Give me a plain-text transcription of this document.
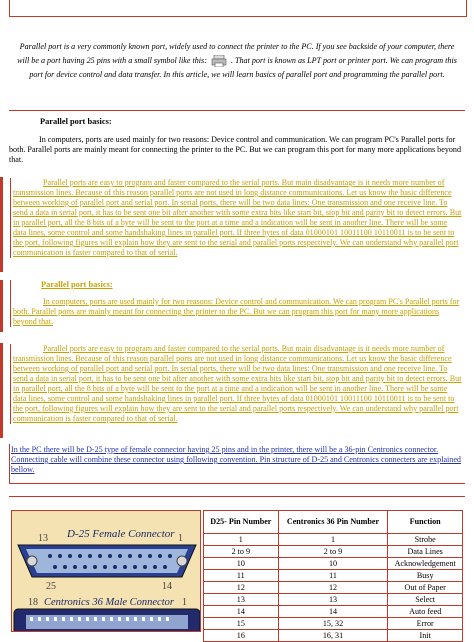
Parallel port is a very commonly known port, widely used to connect the printer to the PC. If you see backside of your computer, there will be a port having 25 pins with a small symbol like this:	. That port is known as LPT port or printer port. We can program this port for device control and data transfer. In this article, we will learn basics of parallel port and programming the parallel port.
Parallel port basics:

In computers, ports are used mainly for two reasons: Device control and communication. We can program PC's Parallel ports for both. Parallel ports are mainly meant for connecting the printer to the PC. But we can program this port for many more applications beyond that.

Parallel ports are easy to program and faster compared to the serial ports. But main disadvantage is it needs more number of transmission lines. Because of this reason parallel ports are not used in long distance communications. Let us know the basic difference between working of parallel port and serial port. In serial ports, there will be two data lines: One transmission and one receive line. To send a data in serial port, it has to be sent one bit after another with some extra bits like start bit, stop bit and parity bit to detect errors. But in parallel port, all the 8 bits of a byte will be sent to the port at a time and a indication will be sent in another line. There will be some data lines, some control and some handshaking lines in parallel port. If three bytes of data 01000101 10011100 10110011 is to be sent to the port, following figures will explain how they are sent to the serial and parallel ports respectively. We can understand why parallel port communication is faster compared to that of serial.

Parallel port basics:

In computers, ports are used mainly for two reasons: Device control and communication. We can program PC's Parallel ports for both. Parallel ports are mainly meant for connecting the printer to the PC. But we can program this port for many more applications beyond that.

Parallel ports are easy to program and faster compared to the serial ports. But main disadvantage is it needs more number of transmission lines. Because of this reason parallel ports are not used in long distance communications. Let us know the basic difference between working of parallel port and serial port. In serial ports, there will be two data lines: One transmission and one receive line. To send a data in serial port, it has to be sent one bit after another with some extra bits like start bit, stop bit and parity bit to detect errors. But in parallel port, all the 8 bits of a byte will be sent to the port at a time and a indication will be sent in another line. There will be some data lines, some control and some handshaking lines in parallel port. If three bytes of data 01000101 10011100 10110011 is to be sent to the port, following figures will explain how they are sent to the serial and parallel ports respectively. We can understand why parallel port communication is faster compared to that of serial.

In the PC there will be D-25 type of female connector having 25 pins and in the printer, there will be a 36-pin Centronics connector. Connecting cable will combine these connector using following convention. Pin structure of D-25 and Centronics connecters are explained bellow.

D-25 Female Connector
13	1
25	14
Centronics 36 Male Connector 1
18
D25- Pin Number	Centronics 36 Pin Number	Function
1	1	Strobe
2 to 9	2 to 9	Data Lines
10	10	Acknowledgement
11	11	Busy
12	12	Out of Paper
13	13	Select
14	14	Auto feed
15	15, 32	Error
16	16, 31	Init
